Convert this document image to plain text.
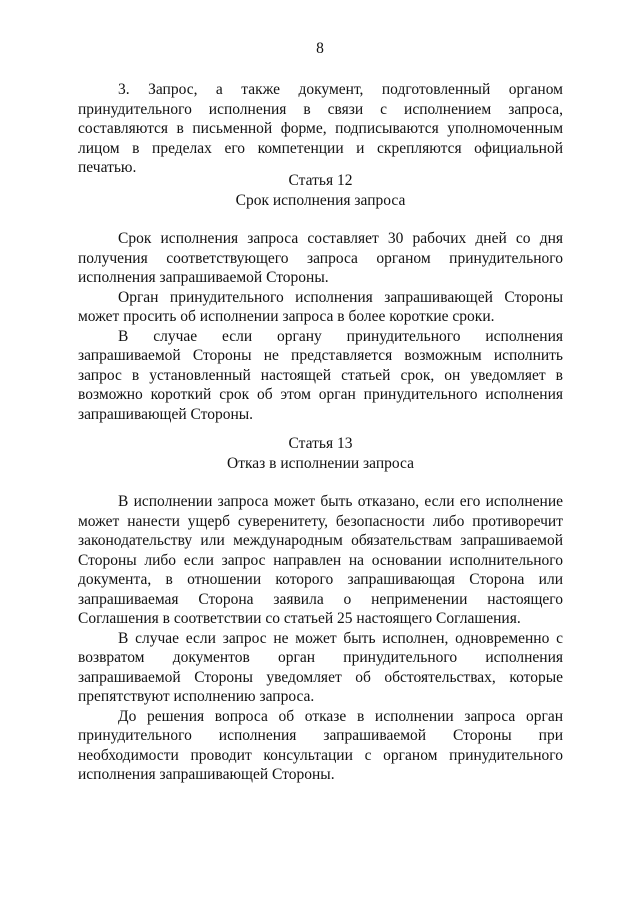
8

3. Запрос, а также документ, подготовленный органом принудительного исполнения в связи с исполнением запроса, составляются в письменной форме, подписываются уполномоченным лицом в пределах его компетенции и скрепляются официальной печатью.

Статья 12
Срок исполнения запроса

Срок исполнения запроса составляет 30 рабочих дней со дня получения соответствующего запроса органом принудительного исполнения запрашиваемой Стороны.

Орган принудительного исполнения запрашивающей Стороны может просить об исполнении запроса в более короткие сроки.

В случае если органу принудительного исполнения запрашиваемой Стороны не представляется возможным исполнить запрос в установленный настоящей статьей срок, он уведомляет в возможно короткий срок об этом орган принудительного исполнения запрашивающей Стороны.

Статья 13
Отказ в исполнении запроса

В исполнении запроса может быть отказано, если его исполнение может нанести ущерб суверенитету, безопасности либо противоречит законодательству или международным обязательствам запрашиваемой Стороны либо если запрос направлен на основании исполнительного документа, в отношении которого запрашивающая Сторона или запрашиваемая Сторона заявила о неприменении настоящего Соглашения в соответствии со статьей 25 настоящего Соглашения.

В случае если запрос не может быть исполнен, одновременно с возвратом документов орган принудительного исполнения запрашиваемой Стороны уведомляет об обстоятельствах, которые препятствуют исполнению запроса.

До решения вопроса об отказе в исполнении запроса орган принудительного исполнения запрашиваемой Стороны при необходимости проводит консультации с органом принудительного исполнения запрашивающей Стороны.
